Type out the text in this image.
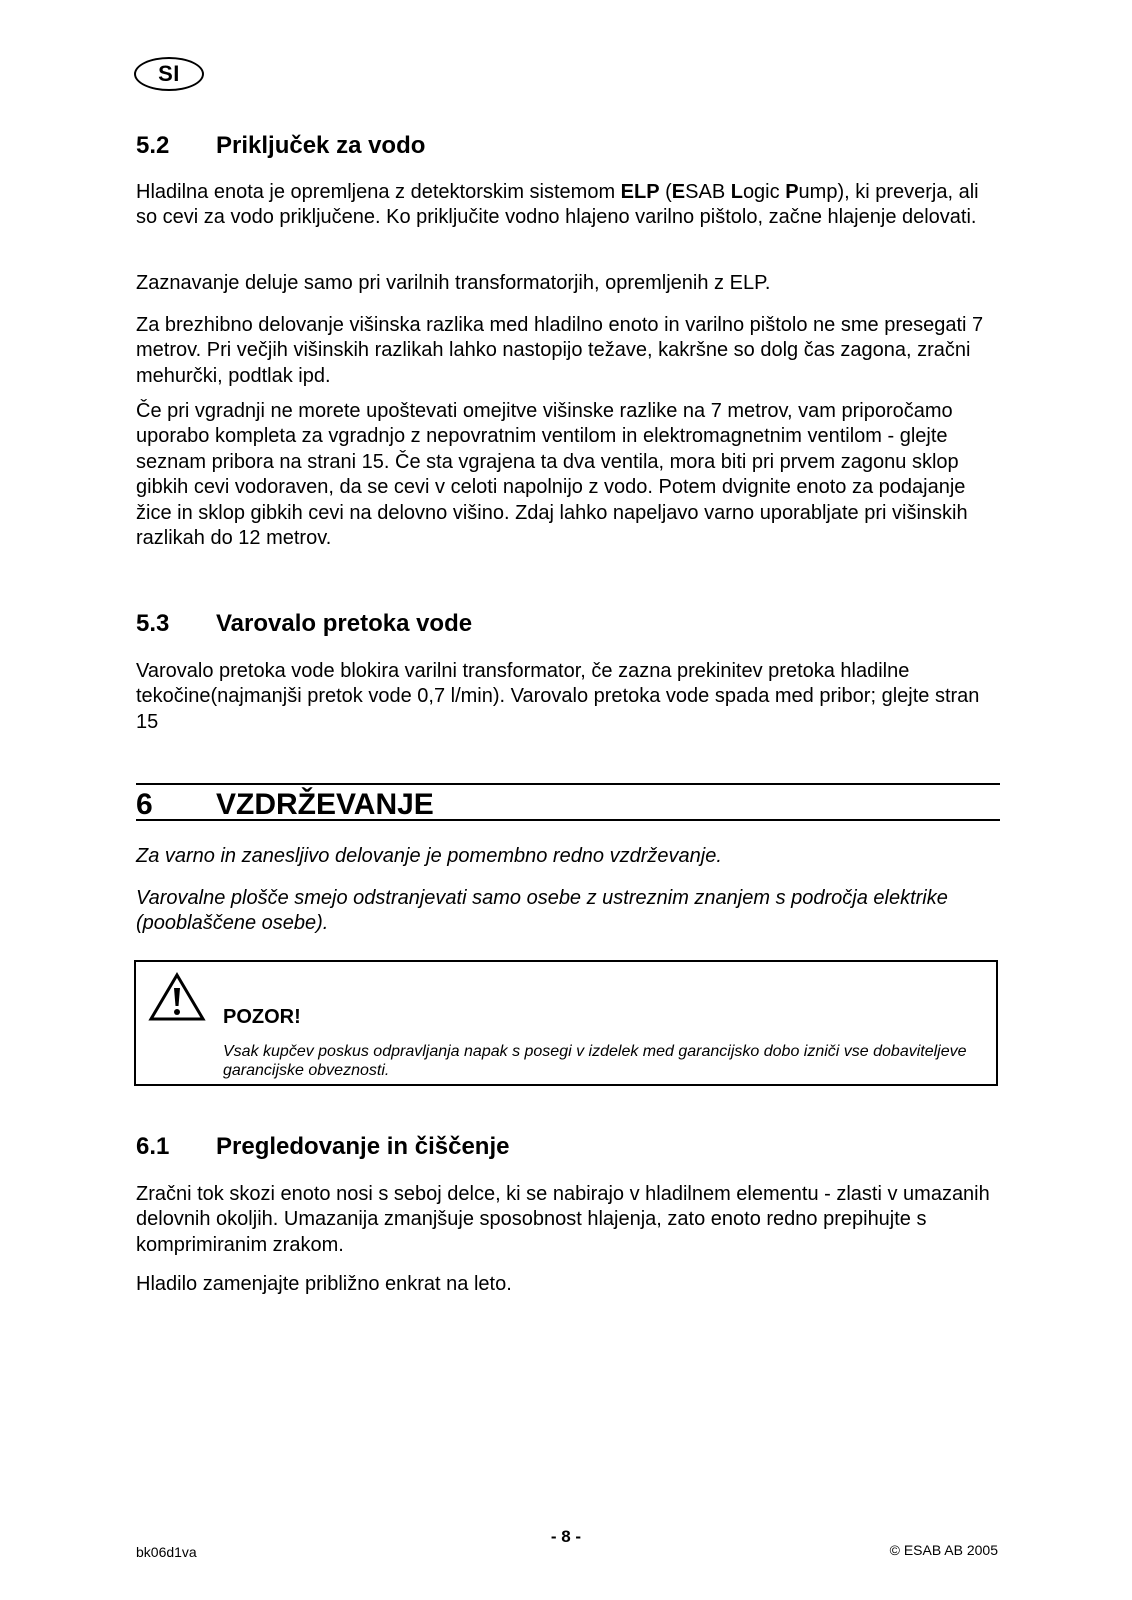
SI
5.2 Priključek za vodo
Hladilna enota je opremljena z detektorskim sistemom ELP (ESAB Logic Pump), ki preverja, ali so cevi za vodo priključene. Ko priključite vodno hlajeno varilno pištolo, začne hlajenje delovati.
Zaznavanje deluje samo pri varilnih transformatorjih, opremljenih z ELP.
Za brezhibno delovanje višinska razlika med hladilno enoto in varilno pištolo ne sme presegati 7 metrov. Pri večjih višinskih razlikah lahko nastopijo težave, kakršne so dolg čas zagona, zračni mehurčki, podtlak ipd.
Če pri vgradnji ne morete upoštevati omejitve višinske razlike na 7 metrov, vam priporočamo uporabo kompleta za vgradnjo z nepovratnim ventilom in elektromagnetnim ventilom - glejte seznam pribora na strani 15. Če sta vgrajena ta dva ventila, mora biti pri prvem zagonu sklop gibkih cevi vodoraven, da se cevi v celoti napolnijo z vodo. Potem dvignite enoto za podajanje žice in sklop gibkih cevi na delovno višino. Zdaj lahko napeljavo varno uporabljate pri višinskih razlikah do 12 metrov.
5.3 Varovalo pretoka vode
Varovalo pretoka vode blokira varilni transformator, če zazna prekinitev pretoka hladilne tekočine(najmanjši pretok vode 0,7 l/min). Varovalo pretoka vode spada med pribor; glejte stran 15
6 VZDRŽEVANJE
Za varno in zanesljivo delovanje je pomembno redno vzdrževanje.
Varovalne plošče smejo odstranjevati samo osebe z ustreznim znanjem s področja elektrike (pooblaščene osebe).
POZOR!
Vsak kupčev poskus odpravljanja napak s posegi v izdelek med garancijsko dobo izniči vse dobaviteljeve garancijske obveznosti.
6.1 Pregledovanje in čiščenje
Zračni tok skozi enoto nosi s seboj delce, ki se nabirajo v hladilnem elementu - zlasti v umazanih delovnih okoljih. Umazanija zmanjšuje sposobnost hlajenja, zato enoto redno prepihujte s komprimiranim zrakom.
Hladilo zamenjajte približno enkrat na leto.
- 8 -
bk06d1va	© ESAB AB 2005
